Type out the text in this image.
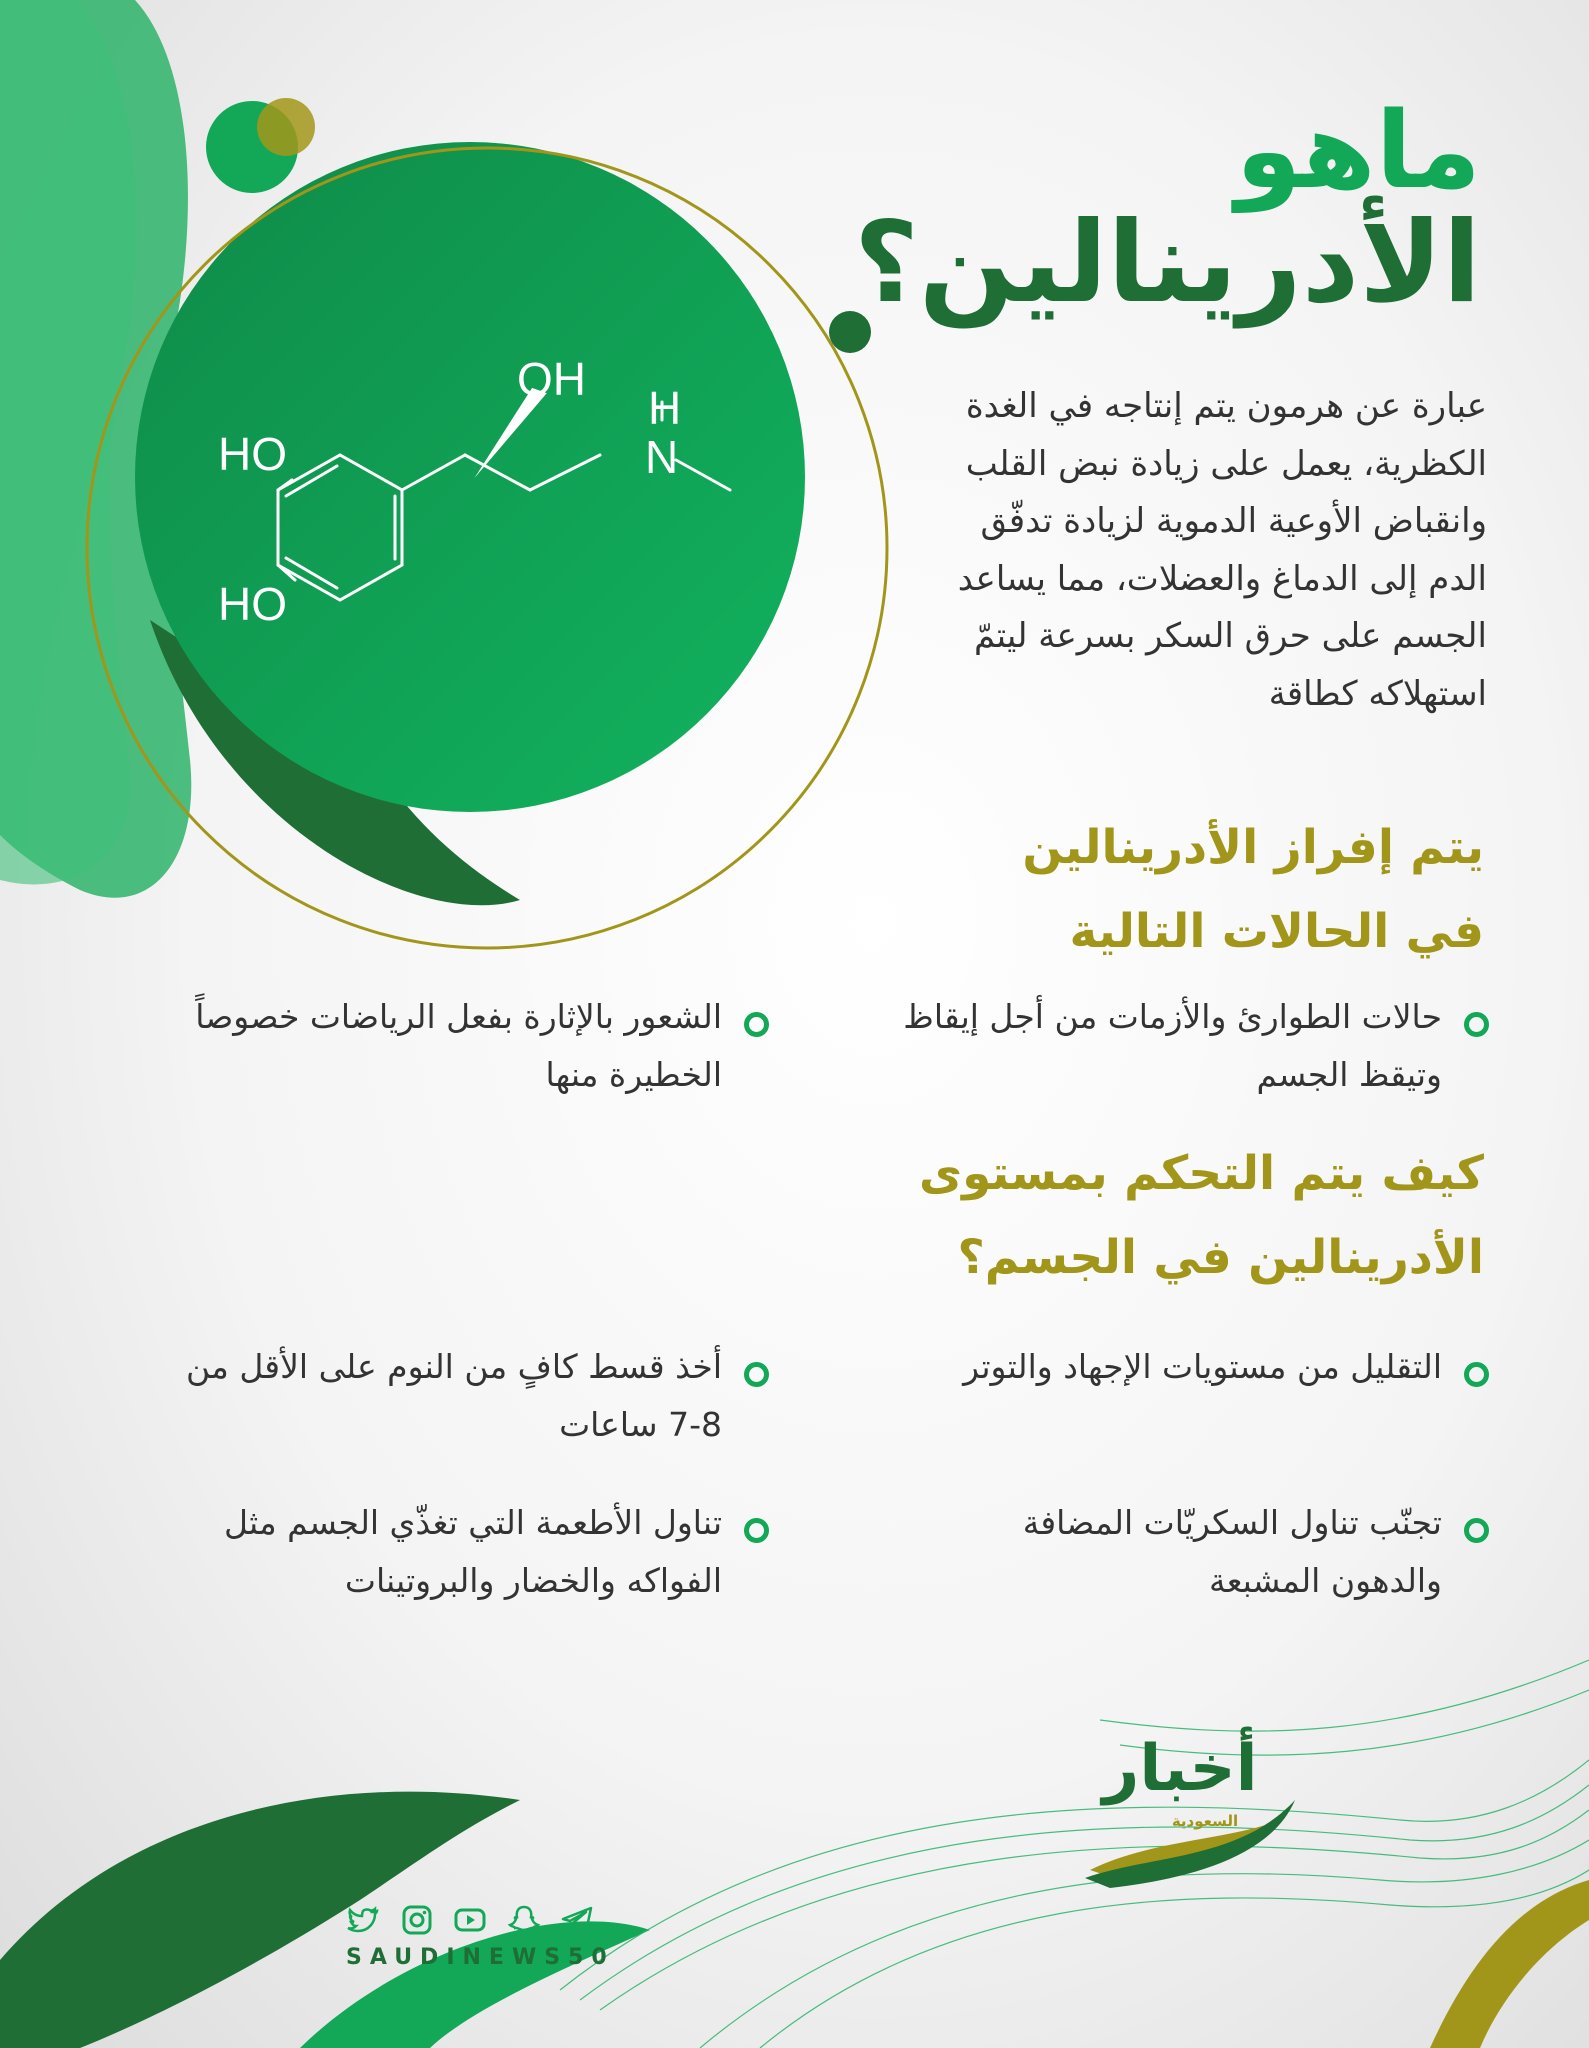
OH
H
N
HO
HO
ماهو
الأدرينالين؟

عبارة عن هرمون يتم إنتاجه في الغدة الكظرية، يعمل على زيادة نبض القلب وانقباض الأوعية الدموية لزيادة تدفّق الدم إلى الدماغ والعضلات، مما يساعد الجسم على حرق السكر بسرعة ليتمّ استهلاكه كطاقة

يتم إفراز الأدرينالين
في الحالات التالية
حالات الطوارئ والأزمات من أجل إيقاظ وتيقظ الجسم
الشعور بالإثارة بفعل الرياضات خصوصاً الخطيرة منها
كيف يتم التحكم بمستوى
الأدرينالين في الجسم؟
التقليل من مستويات الإجهاد والتوتر
أخذ قسط كافٍ من النوم على الأقل من 8-7 ساعات
تجنّب تناول السكريّات المضافة والدهون المشبعة
تناول الأطعمة التي تغذّي الجسم مثل الفواكه والخضار والبروتينات
SAUDINEWS50
أخبار
السعودية
